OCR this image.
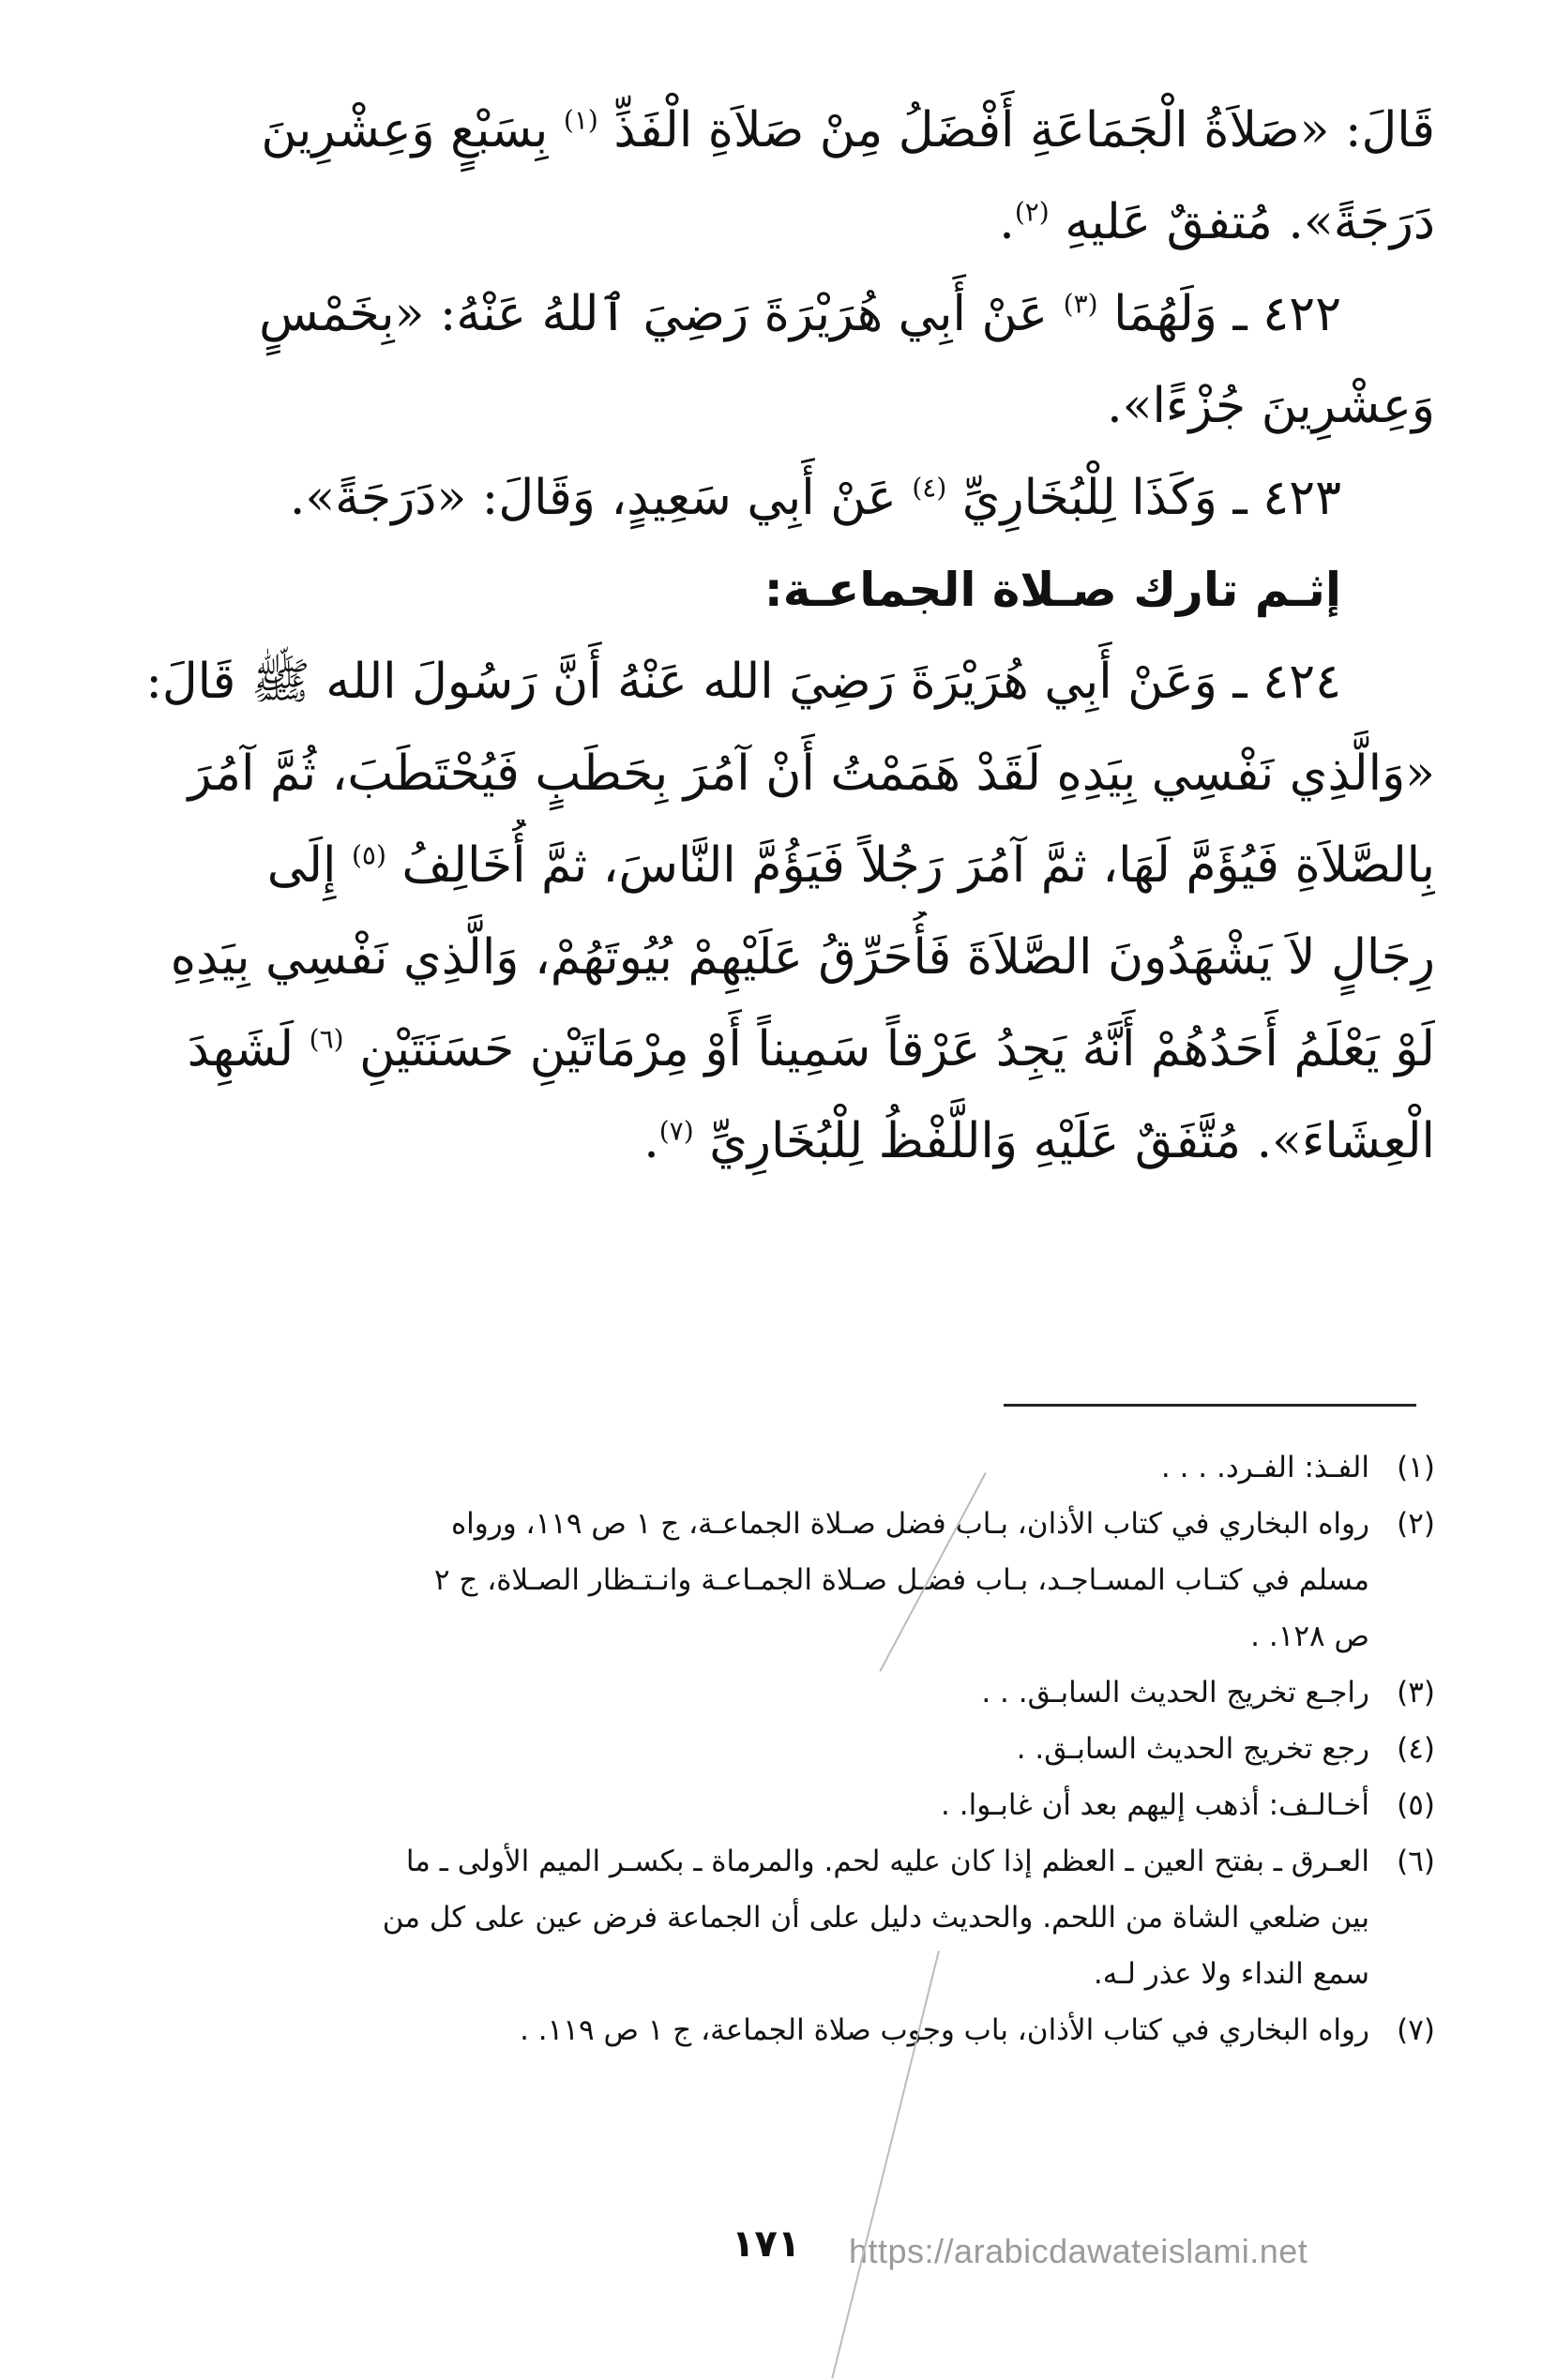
قَالَ: «صَلاَةُ الْجَمَاعَةِ أَفْضَلُ مِنْ صَلاَةِ الْفَذِّ $^{(١)}$ بِسَبْعٍ وَعِشْرِينَ
دَرَجَةً». مُتفقٌ عَليهِ $^{(٢)}$.
٤٢٢ ـ وَلَهُمَا $^{(٣)}$ عَنْ أَبِي هُرَيْرَةَ رَضِيَ ٱللهُ عَنْهُ: «بِخَمْسٍ
وَعِشْرِينَ جُزْءًا».
٤٢٣ ـ وَكَذَا لِلْبُخَارِيِّ $^{(٤)}$ عَنْ أَبِي سَعِيدٍ، وَقَالَ: «دَرَجَةً».
إثـم تارك صـلاة الجماعـة:
٤٢٤ ـ وَعَنْ أَبِي هُرَيْرَةَ رَضِيَ الله عَنْهُ أَنَّ رَسُولَ الله ﷺ قَالَ:
«وَالَّذِي نَفْسِي بِيَدِهِ لَقَدْ هَمَمْتُ أَنْ آمُرَ بِحَطَبٍ فَيُحْتَطَبَ، ثُمَّ آمُرَ
بِالصَّلاَةِ فَيُؤَمَّ لَهَا، ثمَّ آمُرَ رَجُلاً فَيَؤُمَّ النَّاسَ، ثمَّ أُخَالِفُ $^{(٥)}$ إِلَى
رِجَالٍ لاَ يَشْهَدُونَ الصَّلاَةَ فَأُحَرِّقُ عَلَيْهِمْ بُيُوتَهُمْ، وَالَّذِي نَفْسِي بِيَدِهِ
لَوْ يَعْلَمُ أَحَدُهُمْ أَنَّهُ يَجِدُ عَرْقاً سَمِيناً أَوْ مِرْمَاتَيْنِ حَسَنَتَيْنِ $^{(٦)}$ لَشَهِدَ
الْعِشَاءَ». مُتَّفَقٌ عَلَيْهِ وَاللَّفْظُ لِلْبُخَارِيِّ $^{(٧)}$.
(١)
الفـذ: الفـرد. . . .
(٢)
رواه البخاري في كتاب الأذان، بـاب فضل صـلاة الجماعـة، ج ١ ص ١١٩، ورواه
مسلم في كتـاب المسـاجـد، بـاب فضـل صـلاة الجمـاعـة وانـتـظار الصـلاة، ج ٢
ص ١٢٨. .
(٣)
راجـع تخريج الحديث السابـق. . .
(٤)
رجع تخريج الحديث السابـق. .
(٥)
أخـالـف: أذهب إليهم بعد أن غابـوا. .
(٦)
العـرق ـ بفتح العين ـ العظم إذا كان عليه لحم. والمرماة ـ بكسـر الميم الأولى ـ ما
بين ضلعي الشاة من اللحم. والحديث دليل على أن الجماعة فرض عين على كل من
سمع النداء ولا عذر لـه.
(٧)
رواه البخاري في كتاب الأذان، باب وجوب صلاة الجماعة، ج ١ ص ١١٩. .
١٧١ https://arabicdawateislami.net
